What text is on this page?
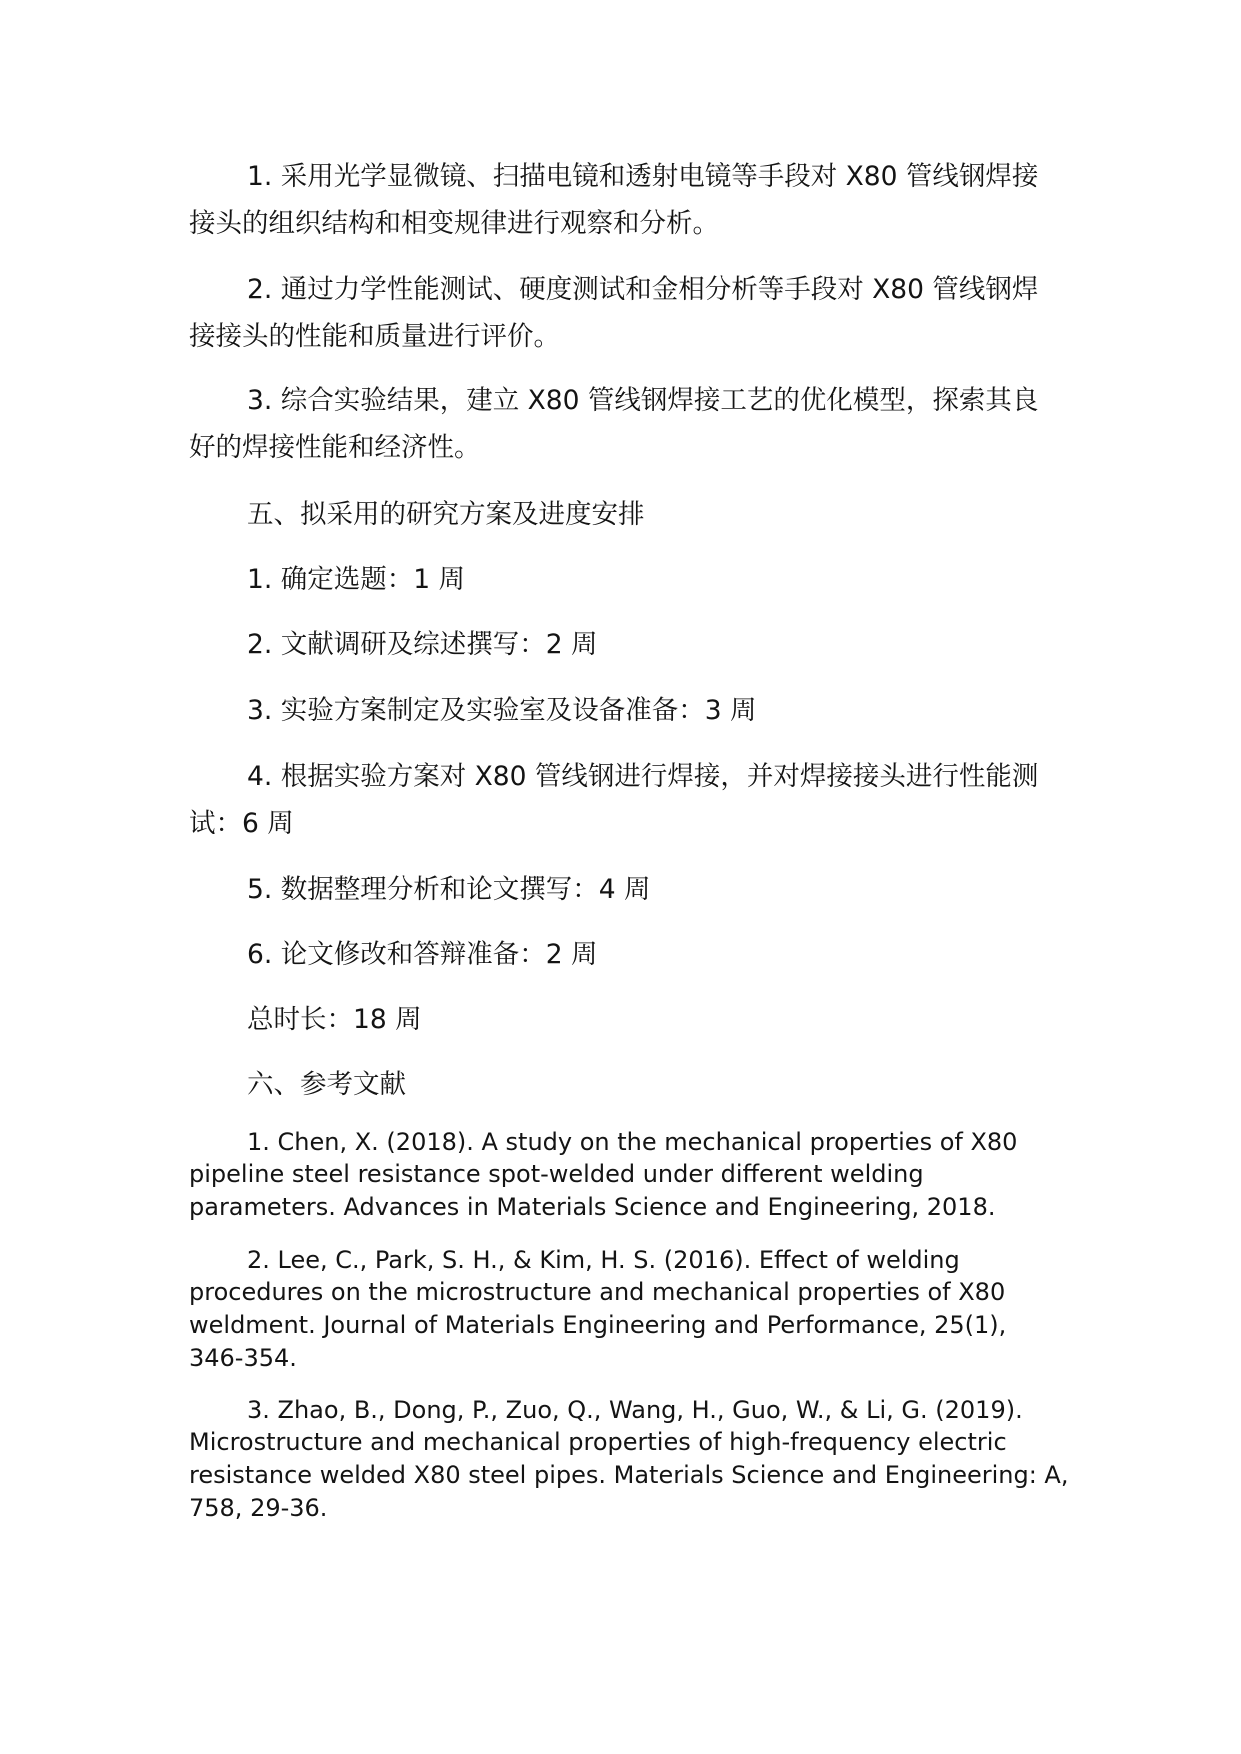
1. 采用光学显微镜、扫描电镜和透射电镜等手段对 X80 管线钢焊接
接头的组织结构和相变规律进行观察和分析。
2. 通过力学性能测试、硬度测试和金相分析等手段对 X80 管线钢焊
接接头的性能和质量进行评价。
3. 综合实验结果，建立 X80 管线钢焊接工艺的优化模型，探索其良
好的焊接性能和经济性。
五、拟采用的研究方案及进度安排
1. 确定选题：1 周
2. 文献调研及综述撰写：2 周
3. 实验方案制定及实验室及设备准备：3 周
4. 根据实验方案对 X80 管线钢进行焊接，并对焊接接头进行性能测
试：6 周
5. 数据整理分析和论文撰写：4 周
6. 论文修改和答辩准备：2 周
总时长：18 周
六、参考文献
1. Chen, X. (2018). A study on the mechanical properties of X80
pipeline steel resistance spot-welded under different welding
parameters. Advances in Materials Science and Engineering, 2018.
2. Lee, C., Park, S. H., & Kim, H. S. (2016). Effect of welding
procedures on the microstructure and mechanical properties of X80
weldment. Journal of Materials Engineering and Performance, 25(1),
346-354.
3. Zhao, B., Dong, P., Zuo, Q., Wang, H., Guo, W., & Li, G. (2019).
Microstructure and mechanical properties of high-frequency electric
resistance welded X80 steel pipes. Materials Science and Engineering: A,
758, 29-36.
